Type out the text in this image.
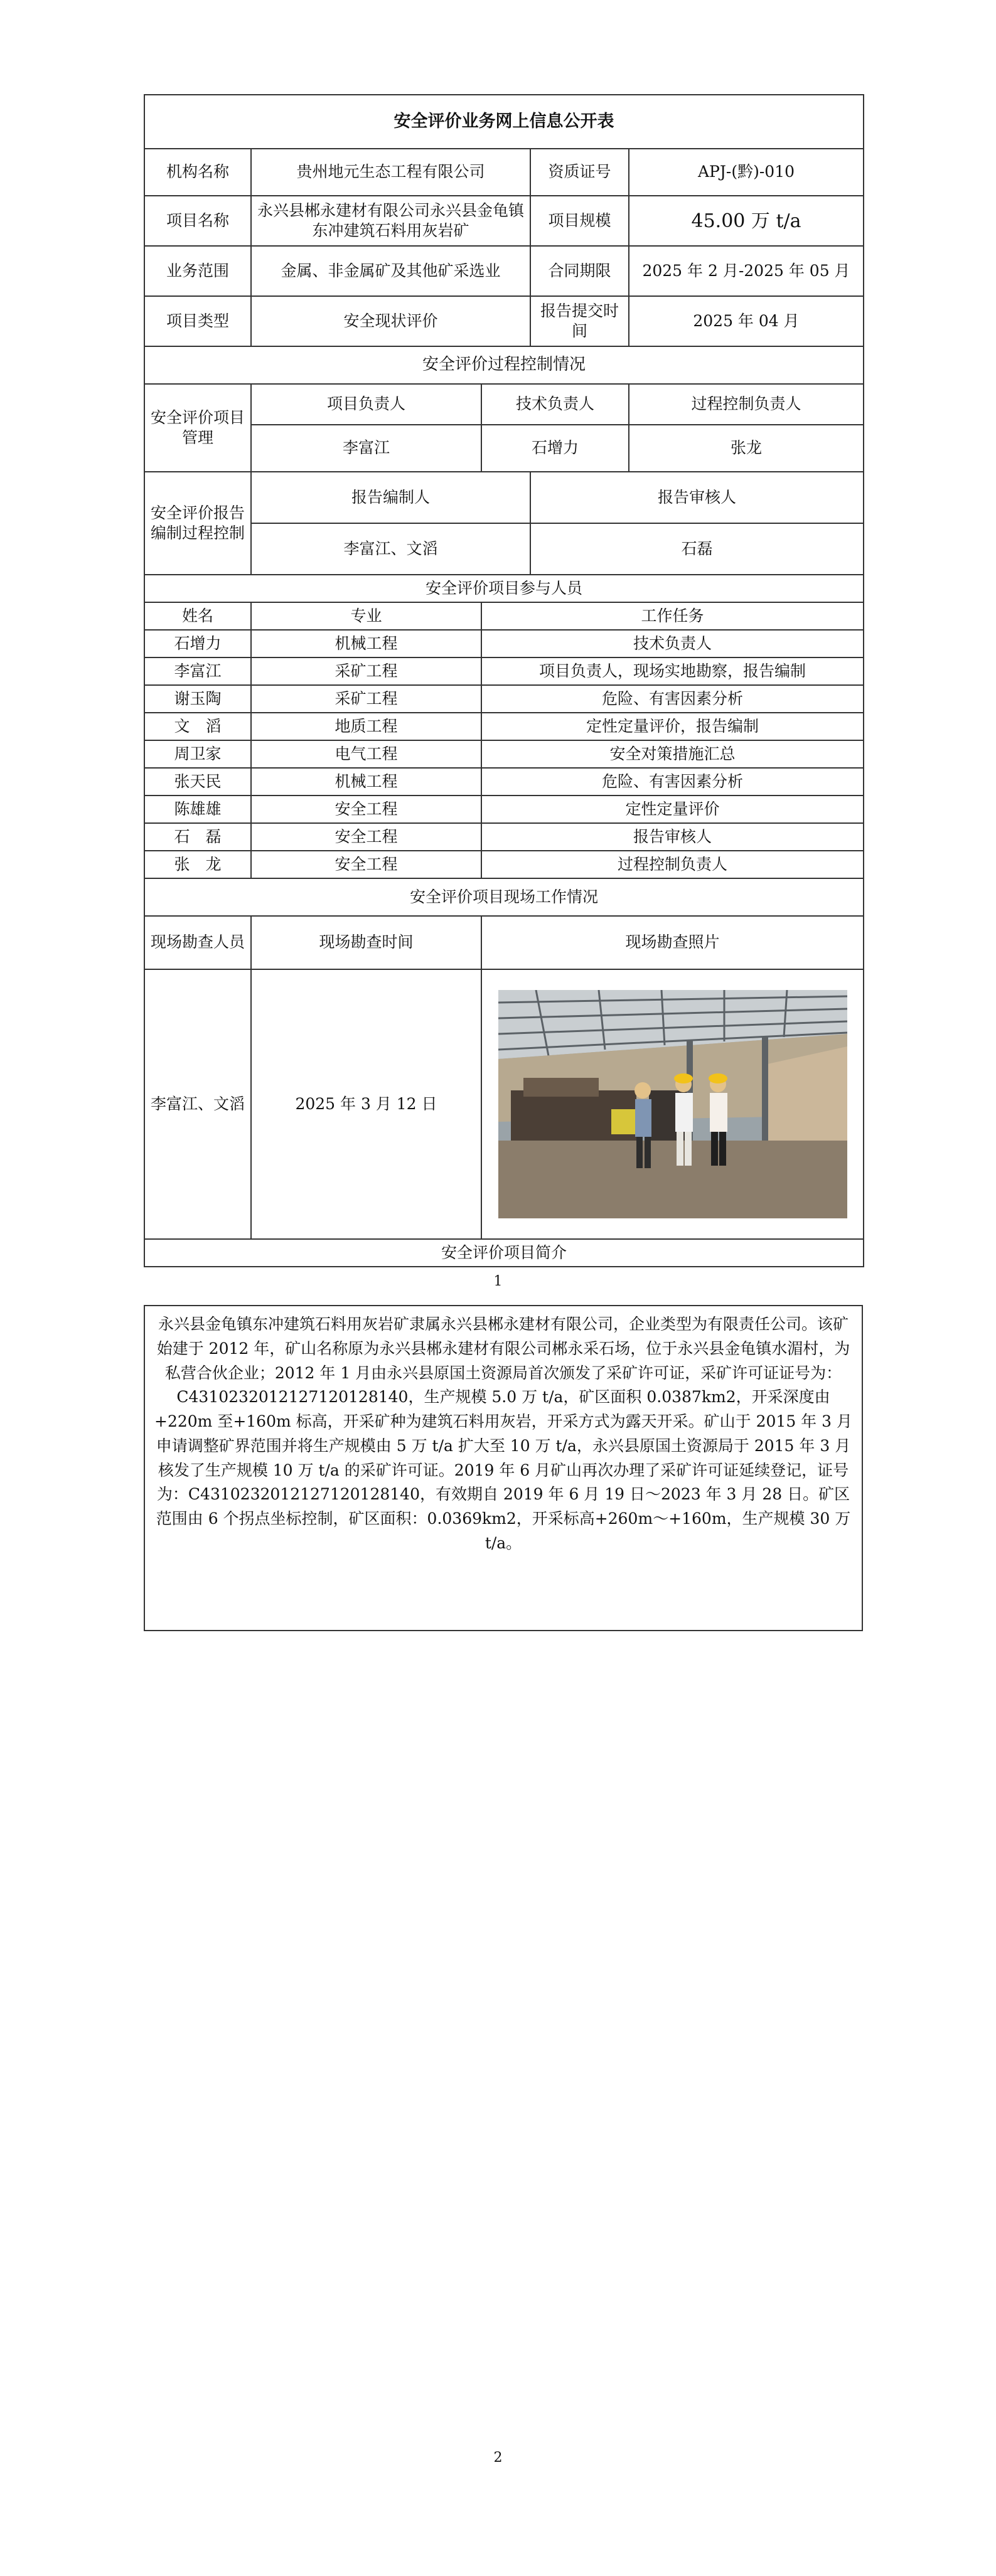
安全评价业务网上信息公开表				
机构名称	贵州地元生态工程有限公司		资质证号	APJ-(黔)-010
项目名称	永兴县郴永建材有限公司永兴县金龟镇东冲建筑石料用灰岩矿		项目规模	45.00 万 t/a
业务范围	金属、非金属矿及其他矿采选业		合同期限	2025 年 2 月-2025 年 05 月
项目类型	安全现状评价		报告提交时间	2025 年 04 月
安全评价过程控制情况				
安全评价项目管理	项目负责人	技术负责人		过程控制负责人
	李富江	石增力		张龙
安全评价报告编制过程控制	报告编制人		报告审核人	
	李富江、文滔		石磊	
安全评价项目参与人员				
姓名	专业	工作任务		
石增力	机械工程	技术负责人		
李富江	采矿工程	项目负责人，现场实地勘察，报告编制		
谢玉陶	采矿工程	危险、有害因素分析		
文　滔	地质工程	定性定量评价，报告编制		
周卫家	电气工程	安全对策措施汇总		
张天民	机械工程	危险、有害因素分析		
陈雄雄	安全工程	定性定量评价		
石　磊	安全工程	报告审核人		
张　龙	安全工程	过程控制负责人		
安全评价项目现场工作情况				
现场勘查人员	现场勘查时间	现场勘查照片		
李富江、文滔	2025 年 3 月 12 日	

安全评价项目简介				
1
永兴县金龟镇东冲建筑石料用灰岩矿隶属永兴县郴永建材有限公司，企业类型为有限责任公司。该矿始建于 2012 年，矿山名称原为永兴县郴永建材有限公司郴永采石场，位于永兴县金龟镇水湄村，为私营合伙企业；2012 年 1 月由永兴县原国土资源局首次颁发了采矿许可证，采矿许可证证号为：C4310232012127120128140，生产规模 5.0 万 t/a，矿区面积 0.0387km2，开采深度由+220m 至+160m 标高，开采矿种为建筑石料用灰岩，开采方式为露天开采。矿山于 2015 年 3 月申请调整矿界范围并将生产规模由 5 万 t/a 扩大至 10 万 t/a，永兴县原国土资源局于 2015 年 3 月核发了生产规模 10 万 t/a 的采矿许可证。2019 年 6 月矿山再次办理了采矿许可证延续登记，证号为：C4310232012127120128140，有效期自 2019 年 6 月 19 日～2023 年 3 月 28 日。矿区范围由 6 个拐点坐标控制，矿区面积：0.0369km2，开采标高+260m～+160m，生产规模 30 万 t/a。
2
